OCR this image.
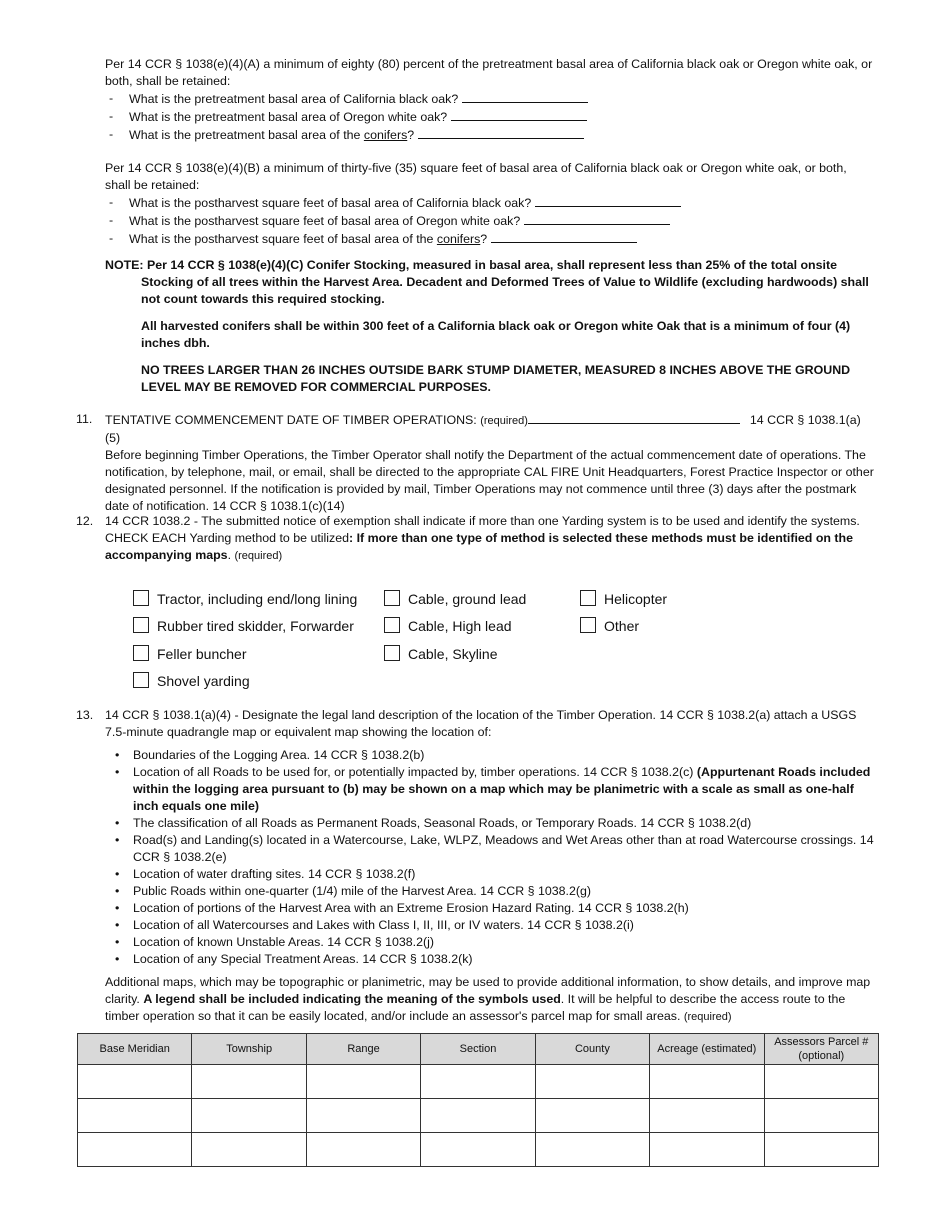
Per 14 CCR § 1038(e)(4)(A) a minimum of eighty (80) percent of the pretreatment basal area of California black oak or Oregon white oak, or both, shall be retained:

- What is the pretreatment basal area of California black oak?
- What is the pretreatment basal area of Oregon white oak?
- What is the pretreatment basal area of the conifers?

Per 14 CCR § 1038(e)(4)(B) a minimum of thirty-five (35) square feet of basal area of California black oak or Oregon white oak, or both, shall be retained:

- What is the postharvest square feet of basal area of California black oak?
- What is the postharvest square feet of basal area of Oregon white oak?
- What is the postharvest square feet of basal area of the conifers?

NOTE: Per 14 CCR § 1038(e)(4)(C) Conifer Stocking, measured in basal area, shall represent less than 25% of the total onsite Stocking of all trees within the Harvest Area. Decadent and Deformed Trees of Value to Wildlife (excluding hardwoods) shall not count towards this required stocking.

All harvested conifers shall be within 300 feet of a California black oak or Oregon white Oak that is a minimum of four (4) inches dbh.

NO TREES LARGER THAN 26 INCHES OUTSIDE BARK STUMP DIAMETER, MEASURED 8 INCHES ABOVE THE GROUND LEVEL MAY BE REMOVED FOR COMMERCIAL PURPOSES.

11.	TENTATIVE COMMENCEMENT DATE OF TIMBER OPERATIONS: (required)	14 CCR § 1038.1(a)(5)

Before beginning Timber Operations, the Timber Operator shall notify the Department of the actual commencement date of operations. The notification, by telephone, mail, or email, shall be directed to the appropriate CAL FIRE Unit Headquarters, Forest Practice Inspector or other designated personnel. If the notification is provided by mail, Timber Operations may not commence until three (3) days after the postmark date of notification. 14 CCR § 1038.1(c)(14)

12. 14 CCR 1038.2 - The submitted notice of exemption shall indicate if more than one Yarding system is to be used and identify the systems.

CHECK EACH Yarding method to be utilized: If more than one type of method is selected these methods must be identified on the accompanying maps. (required)

Tractor, including end/long lining
Rubber tired skidder, Forwarder
Feller buncher
Shovel yarding
Cable, ground lead
Cable, High lead
Cable, Skyline
Helicopter
Other
13. 14 CCR § 1038.1(a)(4) - Designate the legal land description of the location of the Timber Operation. 14 CCR § 1038.2(a) attach a USGS 7.5-minute quadrangle map or equivalent map showing the location of:

• Boundaries of the Logging Area. 14 CCR § 1038.2(b)
• Location of all Roads to be used for, or potentially impacted by, timber operations. 14 CCR § 1038.2(c) (Appurtenant Roads included within the logging area pursuant to (b) may be shown on a map which may be planimetric with a scale as small as one-half inch equals one mile)
• The classification of all Roads as Permanent Roads, Seasonal Roads, or Temporary Roads. 14 CCR § 1038.2(d)
• Road(s) and Landing(s) located in a Watercourse, Lake, WLPZ, Meadows and Wet Areas other than at road Watercourse crossings. 14 CCR § 1038.2(e)
• Location of water drafting sites. 14 CCR § 1038.2(f)
• Public Roads within one-quarter (1/4) mile of the Harvest Area. 14 CCR § 1038.2(g)
• Location of portions of the Harvest Area with an Extreme Erosion Hazard Rating. 14 CCR § 1038.2(h)
• Location of all Watercourses and Lakes with Class I, II, III, or IV waters. 14 CCR § 1038.2(i)
• Location of known Unstable Areas. 14 CCR § 1038.2(j)
• Location of any Special Treatment Areas. 14 CCR § 1038.2(k)

Additional maps, which may be topographic or planimetric, may be used to provide additional information, to show details, and improve map clarity. A legend shall be included indicating the meaning of the symbols used. It will be helpful to describe the access route to the timber operation so that it can be easily located, and/or include an assessor's parcel map for small areas. (required)

Base Meridian	Township	Range	Section	County	Acreage (estimated)	Assessors Parcel # (optional)
